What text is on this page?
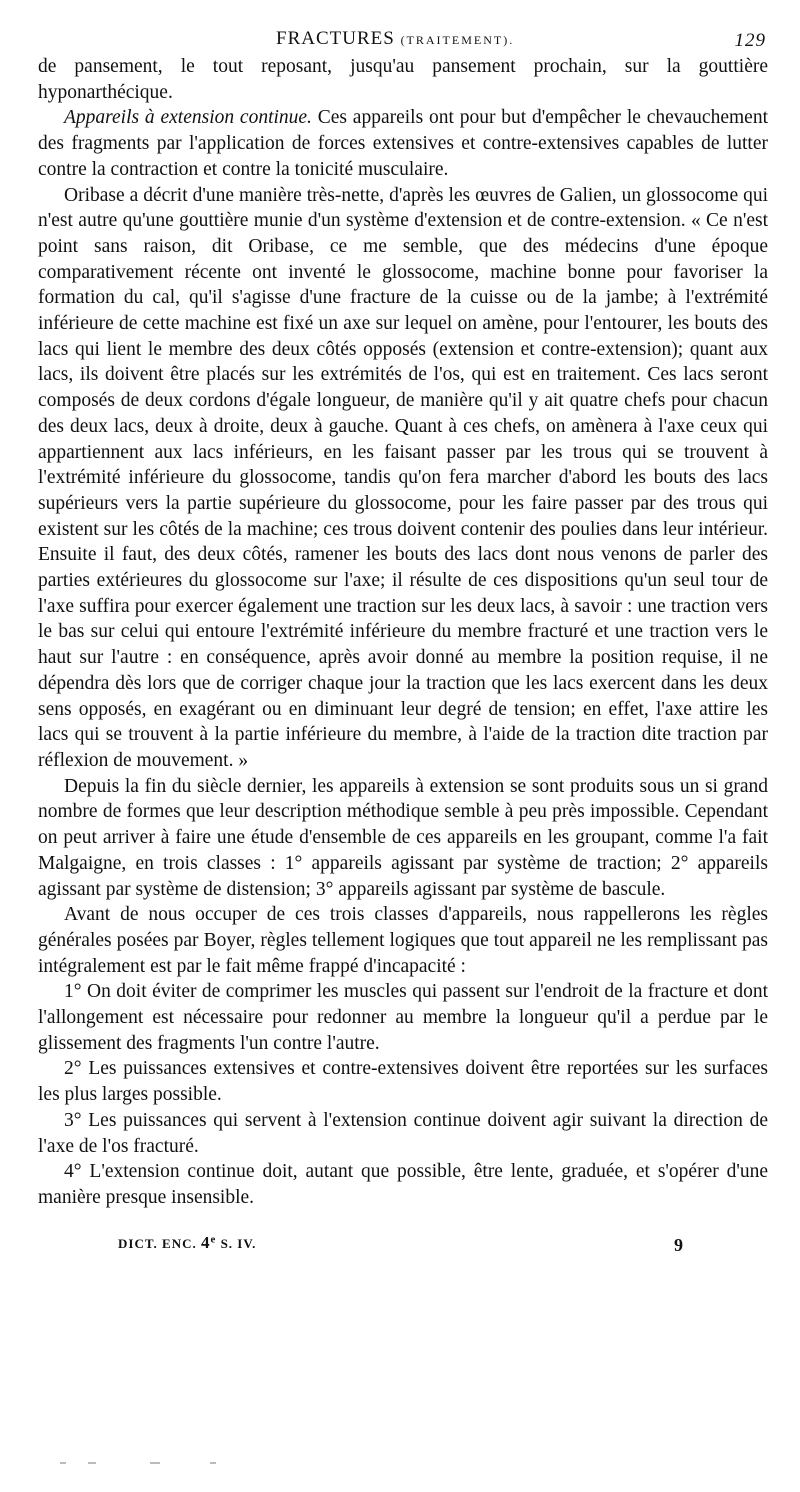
FRACTURES (TRAITEMENT).	129

de pansement, le tout reposant, jusqu'au pansement prochain, sur la gouttière hyponarthécique.

Appareils à extension continue. Ces appareils ont pour but d'empêcher le chevauchement des fragments par l'application de forces extensives et contre-extensives capables de lutter contre la contraction et contre la tonicité musculaire.

Oribase a décrit d'une manière très-nette, d'après les œuvres de Galien, un glossocome qui n'est autre qu'une gouttière munie d'un système d'extension et de contre-extension. « Ce n'est point sans raison, dit Oribase, ce me semble, que des médecins d'une époque comparativement récente ont inventé le glossocome, machine bonne pour favoriser la formation du cal, qu'il s'agisse d'une fracture de la cuisse ou de la jambe; à l'extrémité inférieure de cette machine est fixé un axe sur lequel on amène, pour l'entourer, les bouts des lacs qui lient le membre des deux côtés opposés (extension et contre-extension); quant aux lacs, ils doivent être placés sur les extrémités de l'os, qui est en traitement. Ces lacs seront composés de deux cordons d'égale longueur, de manière qu'il y ait quatre chefs pour chacun des deux lacs, deux à droite, deux à gauche. Quant à ces chefs, on amènera à l'axe ceux qui appartiennent aux lacs inférieurs, en les faisant passer par les trous qui se trouvent à l'extrémité inférieure du glossocome, tandis qu'on fera marcher d'abord les bouts des lacs supérieurs vers la partie supérieure du glossocome, pour les faire passer par des trous qui existent sur les côtés de la machine; ces trous doivent contenir des poulies dans leur intérieur. Ensuite il faut, des deux côtés, ramener les bouts des lacs dont nous venons de parler des parties extérieures du glossocome sur l'axe; il résulte de ces dispositions qu'un seul tour de l'axe suffira pour exercer également une traction sur les deux lacs, à savoir : une traction vers le bas sur celui qui entoure l'extrémité inférieure du membre fracturé et une traction vers le haut sur l'autre : en conséquence, après avoir donné au membre la position requise, il ne dépendra dès lors que de corriger chaque jour la traction que les lacs exercent dans les deux sens opposés, en exagérant ou en diminuant leur degré de tension; en effet, l'axe attire les lacs qui se trouvent à la partie inférieure du membre, à l'aide de la traction dite traction par réflexion de mouvement. »

Depuis la fin du siècle dernier, les appareils à extension se sont produits sous un si grand nombre de formes que leur description méthodique semble à peu près impossible. Cependant on peut arriver à faire une étude d'ensemble de ces appareils en les groupant, comme l'a fait Malgaigne, en trois classes : 1° appareils agissant par système de traction; 2° appareils agissant par système de distension; 3° appareils agissant par système de bascule.

Avant de nous occuper de ces trois classes d'appareils, nous rappellerons les règles générales posées par Boyer, règles tellement logiques que tout appareil ne les remplissant pas intégralement est par le fait même frappé d'incapacité :

1° On doit éviter de comprimer les muscles qui passent sur l'endroit de la fracture et dont l'allongement est nécessaire pour redonner au membre la longueur qu'il a perdue par le glissement des fragments l'un contre l'autre.

2° Les puissances extensives et contre-extensives doivent être reportées sur les surfaces les plus larges possible.

3° Les puissances qui servent à l'extension continue doivent agir suivant la direction de l'axe de l'os fracturé.

4° L'extension continue doit, autant que possible, être lente, graduée, et s'opérer d'une manière presque insensible.

DICT. ENC. 4e S. IV.	9
